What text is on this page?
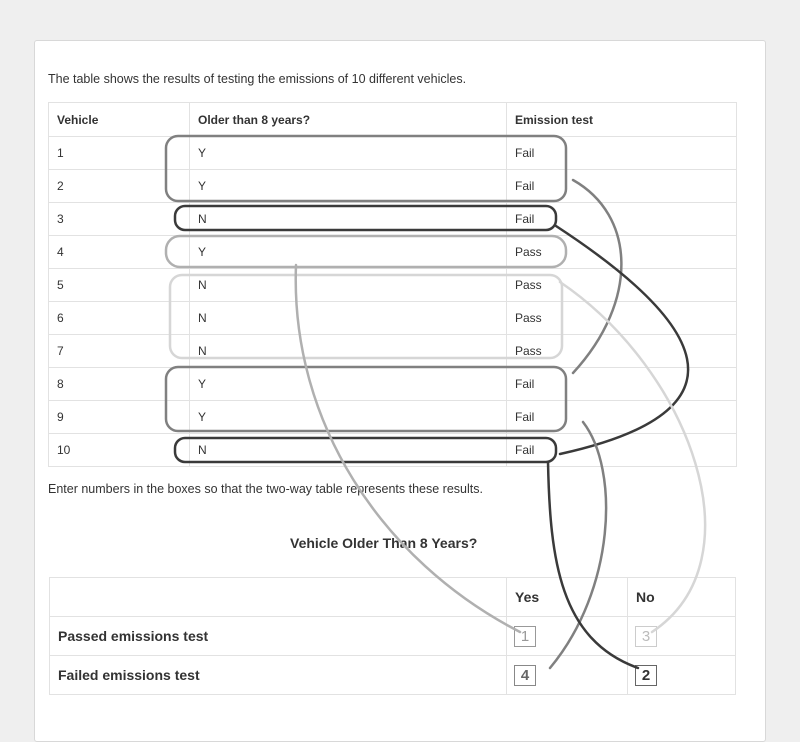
The table shows the results of testing the emissions of 10 different vehicles.
Vehicle	Older than 8 years?	Emission test
1	Y	Fail
2	Y	Fail
3	N	Fail
4	Y	Pass
5	N	Pass
6	N	Pass
7	N	Pass
8	Y	Fail
9	Y	Fail
10	N	Fail
Enter numbers in the boxes so that the two-way table represents these results.
Vehicle Older Than 8 Years?
	Yes	No
Passed emissions test	1	3
Failed emissions test	4	2
